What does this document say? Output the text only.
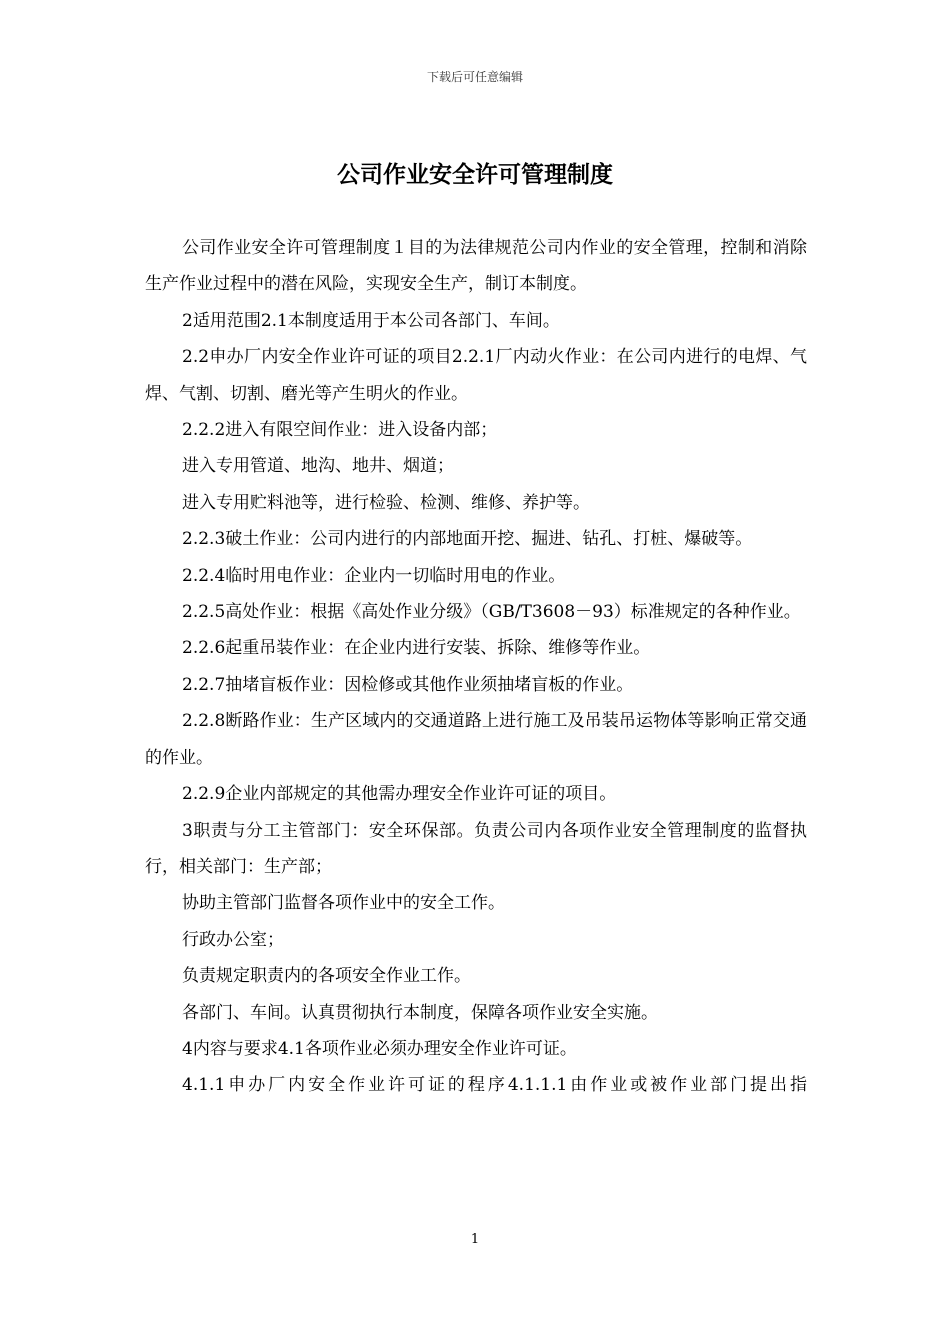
下载后可任意编辑
公司作业安全许可管理制度

公司作业安全许可管理制度１目的为法律规范公司内作业的安全管理，控制和消除生产作业过程中的潜在风险，实现安全生产，制订本制度。

2适用范围2.1本制度适用于本公司各部门、车间。

2.2申办厂内安全作业许可证的项目2.2.1厂内动火作业：在公司内进行的电焊、气焊、气割、切割、磨光等产生明火的作业。

2.2.2进入有限空间作业：进入设备内部；

进入专用管道、地沟、地井、烟道；

进入专用贮料池等，进行检验、检测、维修、养护等。

2.2.3破土作业：公司内进行的内部地面开挖、掘进、钻孔、打桩、爆破等。

2.2.4临时用电作业：企业内一切临时用电的作业。

2.2.5高处作业：根据《高处作业分级》（GB/T3608－93）标准规定的各种作业。

2.2.6起重吊装作业：在企业内进行安装、拆除、维修等作业。

2.2.7抽堵盲板作业：因检修或其他作业须抽堵盲板的作业。

2.2.8断路作业：生产区域内的交通道路上进行施工及吊装吊运物体等影响正常交通的作业。

2.2.9企业内部规定的其他需办理安全作业许可证的项目。

3职责与分工主管部门：安全环保部。负责公司内各项作业安全管理制度的监督执行，相关部门：生产部；

协助主管部门监督各项作业中的安全工作。

行政办公室；

负责规定职责内的各项安全作业工作。

各部门、车间。认真贯彻执行本制度，保障各项作业安全实施。

4内容与要求4.1各项作业必须办理安全作业许可证。

4.1.1申办厂内安全作业许可证的程序4.1.1.1由作业或被作业部门提出指

1
